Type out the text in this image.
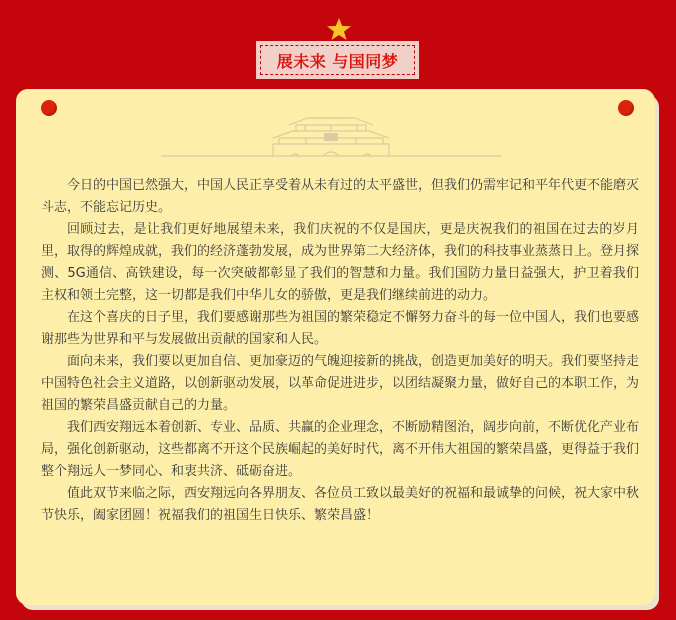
展未来 与国同梦

今日的中国已然强大，中国人民正享受着从未有过的太平盛世，但我们仍需牢记和平年代更不能磨灭斗志，不能忘记历史。

回顾过去，是让我们更好地展望未来，我们庆祝的不仅是国庆，更是庆祝我们的祖国在过去的岁月里，取得的辉煌成就，我们的经济蓬勃发展，成为世界第二大经济体，我们的科技事业蒸蒸日上。登月探测、5G通信、高铁建设，每一次突破都彰显了我们的智慧和力量。我们国防力量日益强大，护卫着我们主权和领土完整，这一切都是我们中华儿女的骄傲，更是我们继续前进的动力。

在这个喜庆的日子里，我们要感谢那些为祖国的繁荣稳定不懈努力奋斗的每一位中国人，我们也要感谢那些为世界和平与发展做出贡献的国家和人民。

面向未来，我们要以更加自信、更加豪迈的气魄迎接新的挑战，创造更加美好的明天。我们要坚持走中国特色社会主义道路，以创新驱动发展，以革命促进进步，以团结凝聚力量，做好自己的本职工作，为祖国的繁荣昌盛贡献自己的力量。

我们西安翔远本着创新、专业、品质、共赢的企业理念，不断励精图治，阔步向前，不断优化产业布局，强化创新驱动，这些都离不开这个民族崛起的美好时代，离不开伟大祖国的繁荣昌盛，更得益于我们整个翔远人一梦同心、和衷共济、砥砺奋进。

值此双节来临之际，西安翔远向各界朋友、各位员工致以最美好的祝福和最诚挚的问候，祝大家中秋节快乐，阖家团圆！祝福我们的祖国生日快乐、繁荣昌盛！
